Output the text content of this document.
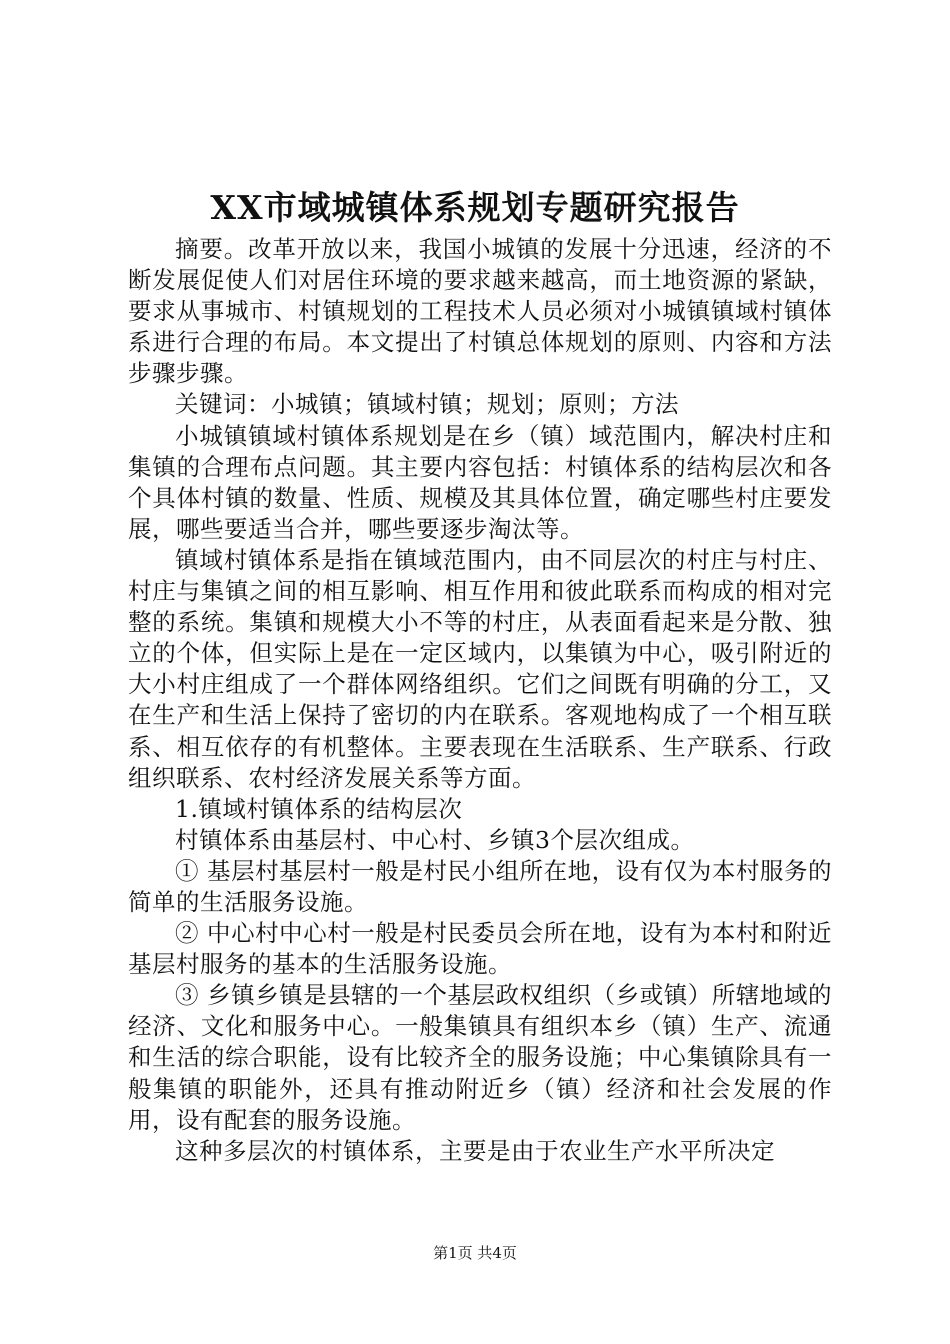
XX市域城镇体系规划专题研究报告

摘要。改革开放以来，我国小城镇的发展十分迅速，经济的不断发展促使人们对居住环境的要求越来越高，而土地资源的紧缺，要求从事城市、村镇规划的工程技术人员必须对小城镇镇域村镇体系进行合理的布局。本文提出了村镇总体规划的原则、内容和方法步骤步骤。

关键词：小城镇；镇域村镇；规划；原则；方法

小城镇镇域村镇体系规划是在乡（镇）域范围内，解决村庄和集镇的合理布点问题。其主要内容包括：村镇体系的结构层次和各个具体村镇的数量、性质、规模及其具体位置，确定哪些村庄要发展，哪些要适当合并，哪些要逐步淘汰等。

镇域村镇体系是指在镇域范围内，由不同层次的村庄与村庄、村庄与集镇之间的相互影响、相互作用和彼此联系而构成的相对完整的系统。集镇和规模大小不等的村庄，从表面看起来是分散、独立的个体，但实际上是在一定区域内，以集镇为中心，吸引附近的大小村庄组成了一个群体网络组织。它们之间既有明确的分工，又在生产和生活上保持了密切的内在联系。客观地构成了一个相互联系、相互依存的有机整体。主要表现在生活联系、生产联系、行政组织联系、农村经济发展关系等方面。

1.镇域村镇体系的结构层次

村镇体系由基层村、中心村、乡镇3个层次组成。

① 基层村基层村一般是村民小组所在地，设有仅为本村服务的简单的生活服务设施。

② 中心村中心村一般是村民委员会所在地，设有为本村和附近基层村服务的基本的生活服务设施。

③ 乡镇乡镇是县辖的一个基层政权组织（乡或镇）所辖地域的经济、文化和服务中心。一般集镇具有组织本乡（镇）生产、流通和生活的综合职能，设有比较齐全的服务设施；中心集镇除具有一般集镇的职能外，还具有推动附近乡（镇）经济和社会发展的作用，设有配套的服务设施。

这种多层次的村镇体系，主要是由于农业生产水平所决定

第1页 共4页
